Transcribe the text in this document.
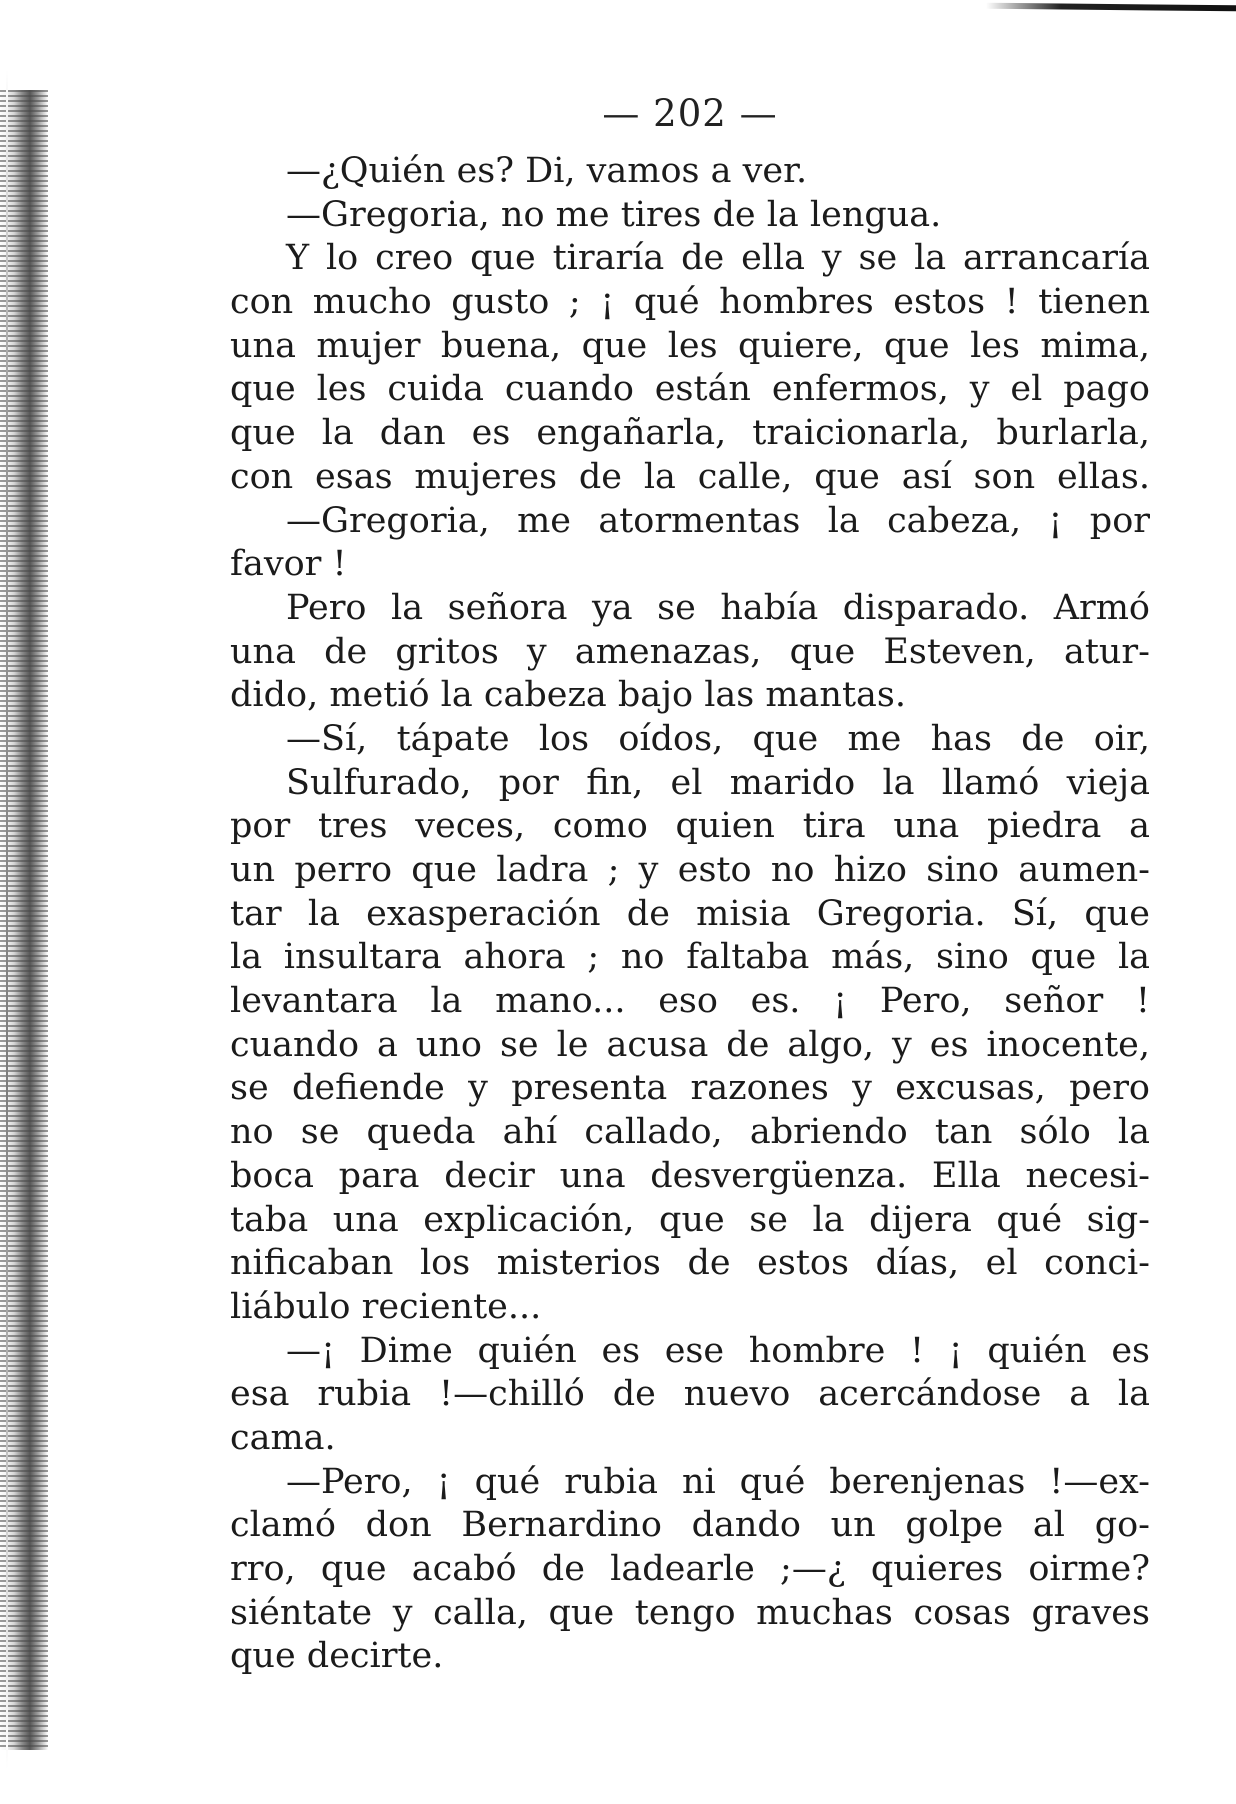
— 202 —
—¿Quién es? Di, vamos a ver.
—Gregoria, no me tires de la lengua.
Y lo creo que tiraría de ella y se la arrancaría
con mucho gusto ; ¡ qué hombres estos ! tienen
una mujer buena, que les quiere, que les mima,
que les cuida cuando están enfermos, y el pago
que la dan es engañarla, traicionarla, burlarla,
con esas mujeres de la calle, que así son ellas.
—Gregoria, me atormentas la cabeza, ¡ por
favor !
Pero la señora ya se había disparado. Armó
una de gritos y amenazas, que Esteven, atur-
dido, metió la cabeza bajo las mantas.
—Sí, tápate los oídos, que me has de oir,
Sulfurado, por fin, el marido la llamó vieja
por tres veces, como quien tira una piedra a
un perro que ladra ; y esto no hizo sino aumen-
tar la exasperación de misia Gregoria. Sí, que
la insultara ahora ; no faltaba más, sino que la
levantara la mano... eso es. ¡ Pero, señor !
cuando a uno se le acusa de algo, y es inocente,
se defiende y presenta razones y excusas, pero
no se queda ahí callado, abriendo tan sólo la
boca para decir una desvergüenza. Ella necesi-
taba una explicación, que se la dijera qué sig-
nificaban los misterios de estos días, el conci-
liábulo reciente...
—¡ Dime quién es ese hombre ! ¡ quién es
esa rubia !—chilló de nuevo acercándose a la
cama.
—Pero, ¡ qué rubia ni qué berenjenas !—ex-
clamó don Bernardino dando un golpe al go-
rro, que acabó de ladearle ;—¿ quieres oirme?
siéntate y calla, que tengo muchas cosas graves
que decirte.
